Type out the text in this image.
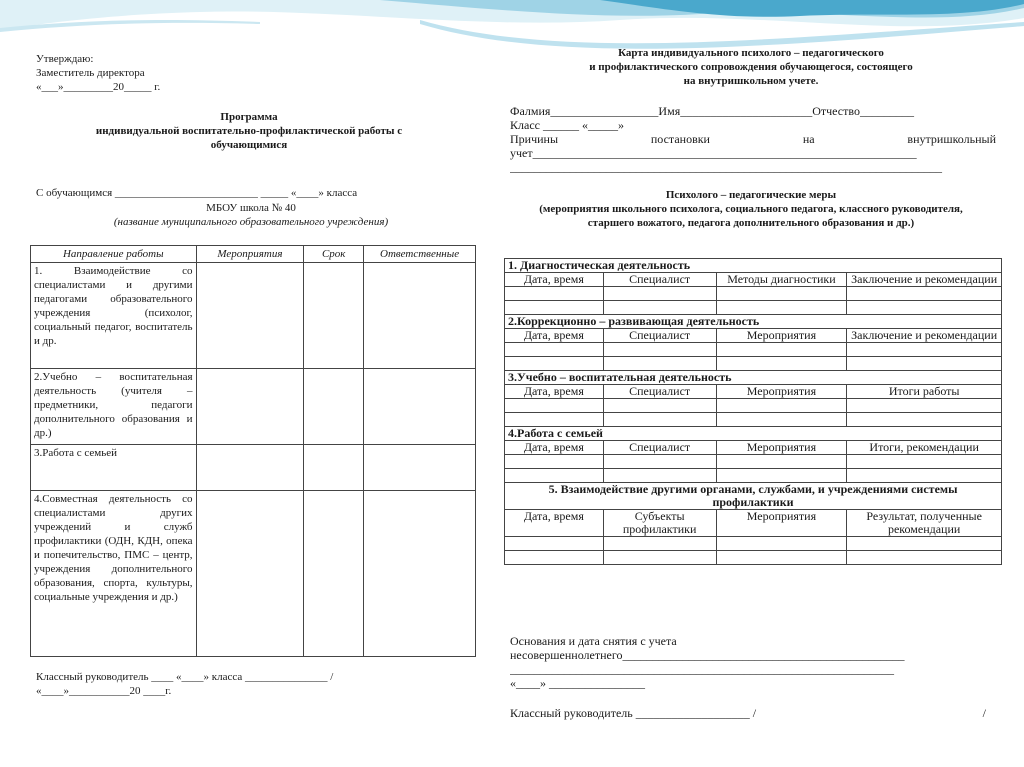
Утверждаю:
Заместитель директора
«___»_________20_____ г.
Программа
индивидуальной воспитательно-профилактической работы с обучающимися
С обучающимся __________________________ _____ «____» класса
МБОУ школа № 40
(название муниципального образовательного учреждения)
Направление работы	Мероприятия	Срок	Ответственные
1. Взаимодействие со специалистами и другими педагогами образовательного учреждения (психолог, социальный педагог, воспитатель и др.			
2.Учебно – воспитательная деятельность (учителя – предметники, педагоги дополнительного образования и др.)			
3.Работа с семьей			
4.Совместная деятельность со специалистами других учреждений и служб профилактики (ОДН, КДН, опека и попечительство, ПМС – центр, учреждения дополнительного образования, спорта, культуры, социальные учреждения и др.)			
Классный руководитель ____ «____» класса _______________ /
«____»___________20 ____г.
Карта индивидуального психолого – педагогического
и профилактического сопровождения обучающегося, состоящего
на внутришкольном учете.
Фалмия__________________Имя______________________Отчество_________
Класс ______ «_____»
Причины постановки на внутришкольный учет________________________________________________________________
________________________________________________________________________
Психолого – педагогические меры
(мероприятия школьного психолога, социального педагога, классного руководителя, старшего вожатого, педагога дополнительного образования и др.)
1. Диагностическая деятельность			
Дата, время	Специалист	Методы диагностики	Заключение и рекомендации

2.Коррекционно – развивающая деятельность			
Дата, время	Специалист	Мероприятия	Заключение и рекомендации

3.Учебно – воспитательная деятельность			
Дата, время	Специалист	Мероприятия	Итоги работы

4.Работа с семьей			
Дата, время	Специалист	Мероприятия	Итоги, рекомендации

5. Взаимодействие другими органами, службами, и учреждениями системы профилактики			
Дата, время	Субъекты профилактики	Мероприятия	Результат, полученные рекомендации

Основания и дата снятия с учета
несовершеннолетнего_______________________________________________
________________________________________________________________
«____» ________________
Классный руководитель ___________________ /	/
